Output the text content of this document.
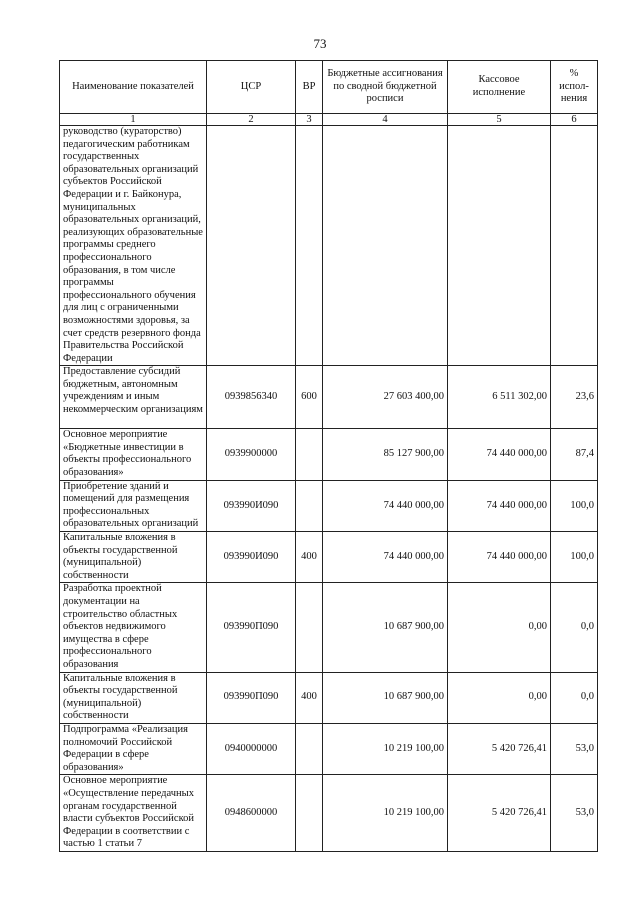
73
Наименование показателей	ЦСР	ВР	Бюджетные ассигнования по сводной бюджетной росписи	Кассовое исполнение	% испол-нения
1	2	3	4	5	6
руководство (кураторство) педагогическим работникам государственных образовательных организаций субъектов Российской Федерации и г. Байконура, муниципальных образовательных организаций, реализующих образовательные программы среднего профессионального образования, в том числе программы профессионального обучения для лиц с ограниченными возможностями здоровья, за счет средств резервного фонда Правительства Российской Федерации					
Предоставление субсидий бюджетным, автономным учреждениям и иным некоммерческим организациям	0939856340	600	27 603 400,00	6 511 302,00	23,6
Основное мероприятие «Бюджетные инвестиции в объекты профессионального образования»	0939900000		85 127 900,00	74 440 000,00	87,4
Приобретение зданий и помещений для размещения профессиональных образовательных организаций	093990И090		74 440 000,00	74 440 000,00	100,0
Капитальные вложения в объекты государственной (муниципальной) собственности	093990И090	400	74 440 000,00	74 440 000,00	100,0
Разработка проектной документации на строительство областных объектов недвижимого имущества в сфере профессионального образования	093990П090		10 687 900,00	0,00	0,0
Капитальные вложения в объекты государственной (муниципальной) собственности	093990П090	400	10 687 900,00	0,00	0,0
Подпрограмма «Реализация полномочий Российской Федерации в сфере образования»	0940000000		10 219 100,00	5 420 726,41	53,0
Основное мероприятие «Осуществление передачных органам государственной власти субъектов Российской Федерации в соответствии с частью 1 статьи 7	0948600000		10 219 100,00	5 420 726,41	53,0
